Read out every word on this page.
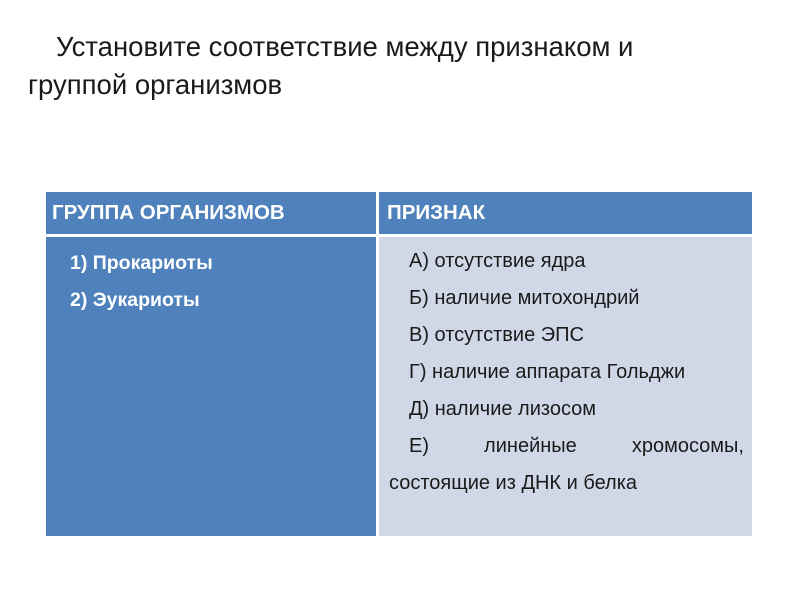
Установите соответствие между признаком и
группой организмов
ГРУППА ОРГАНИЗМОВ	ПРИЗНАК
1) Прокариоты
2) Эукариоты
А) отсутствие ядра
Б) наличие митохондрий
В) отсутствие ЭПС
Г) наличие аппарата Гольджи
Д) наличие лизосом
Е) линейные хромосомы, состоящие из ДНК и белка
